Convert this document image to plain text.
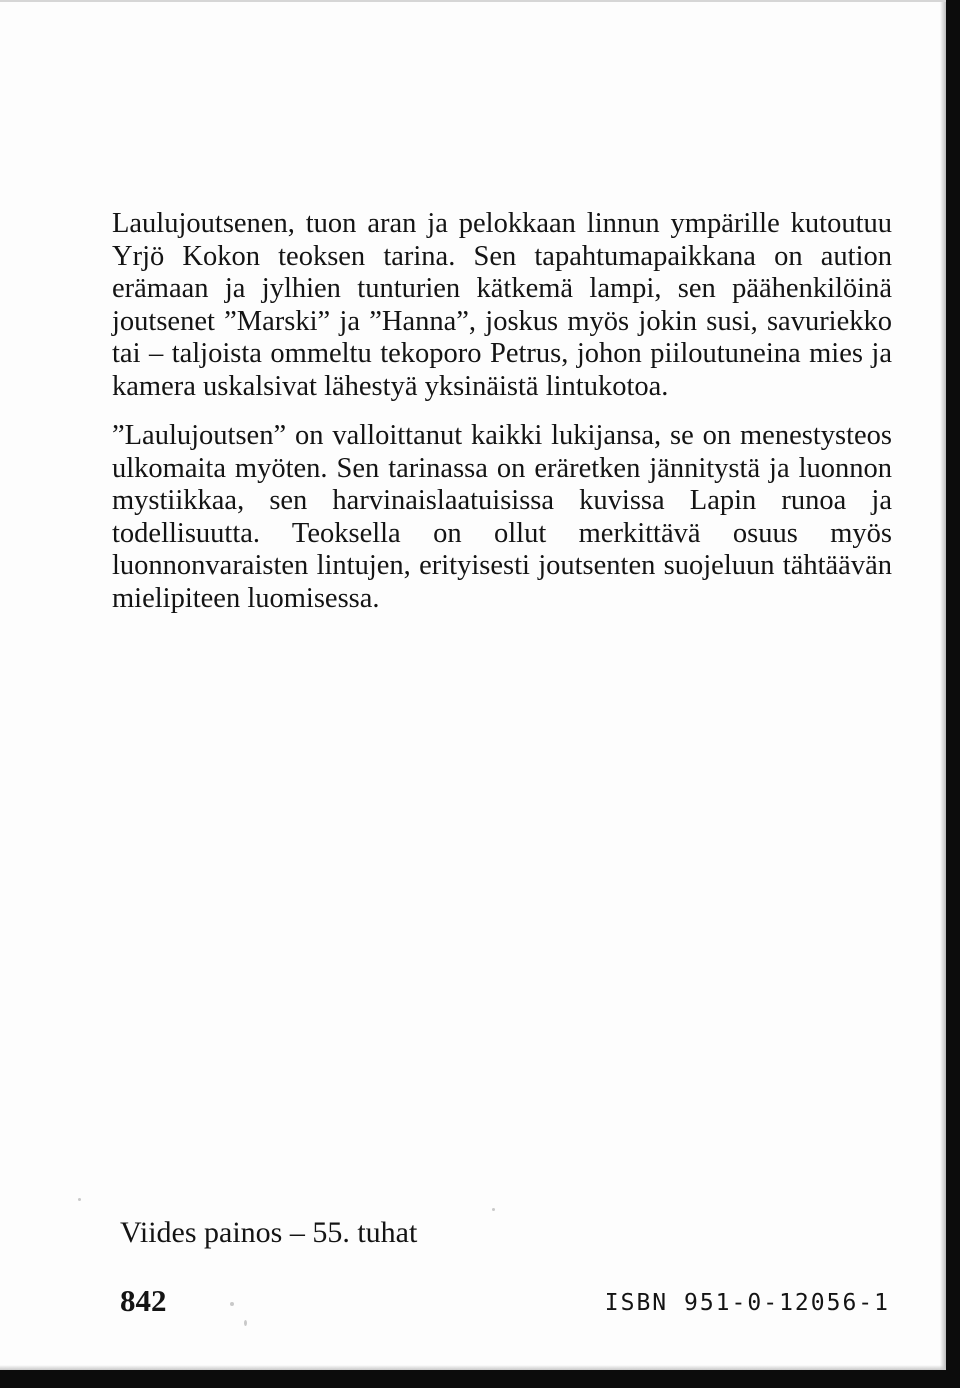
Laulujoutsenen, tuon aran ja pelokkaan linnun ympärille kutoutuu Yrjö Kokon teoksen tarina. Sen tapahtumapaikkana on aution erämaan ja jylhien tunturien kätkemä lampi, sen päähenkilöinä joutsenet ”Marski” ja ”Hanna”, joskus myös jokin susi, savuriekko tai – taljoista ommeltu tekoporo Petrus, johon piiloutuneina mies ja kamera uskalsivat lähestyä yksinäistä lintukotoa.

”Laulujoutsen” on valloittanut kaikki lukijansa, se on menestysteos ulkomaita myöten. Sen tarinassa on eräretken jännitystä ja luonnon mystiikkaa, sen harvinaislaatuisissa kuvissa Lapin runoa ja todellisuutta. Teoksella on ollut merkittävä osuus myös luonnonvaraisten lintujen, erityisesti joutsenten suojeluun tähtäävän mielipiteen luomisessa.

Viides painos – 55. tuhat
842	ISBN 951-0-12056-1
